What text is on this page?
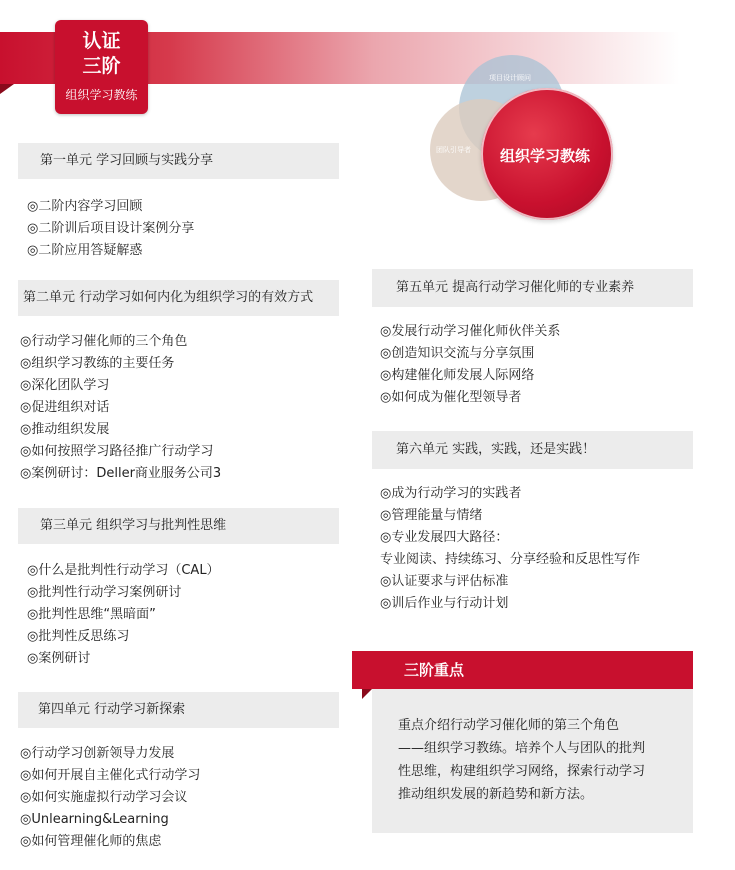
认证
三阶
组织学习教练
项目设计顾问
团队引导者 组织学习教练
第一单元 学习回顾与实践分享
◎二阶内容学习回顾
◎二阶训后项目设计案例分享
◎二阶应用答疑解惑
第二单元 行动学习如何内化为组织学习的有效方式
◎行动学习催化师的三个角色
◎组织学习教练的主要任务
◎深化团队学习
◎促进组织对话
◎推动组织发展
◎如何按照学习路径推广行动学习
◎案例研讨：Deller商业服务公司3
第三单元 组织学习与批判性思维
◎什么是批判性行动学习（CAL）
◎批判性行动学习案例研讨
◎批判性思维“黑暗面”
◎批判性反思练习
◎案例研讨
第四单元 行动学习新探索
◎行动学习创新领导力发展
◎如何开展自主催化式行动学习
◎如何实施虚拟行动学习会议
◎Unlearning&Learning
◎如何管理催化师的焦虑
第五单元 提高行动学习催化师的专业素养
◎发展行动学习催化师伙伴关系
◎创造知识交流与分享氛围
◎构建催化师发展人际网络
◎如何成为催化型领导者
第六单元 实践，实践，还是实践！
◎成为行动学习的实践者
◎管理能量与情绪
◎专业发展四大路径：
专业阅读、持续练习、分享经验和反思性写作
◎认证要求与评估标准
◎训后作业与行动计划
三阶重点
重点介绍行动学习催化师的第三个角色
——组织学习教练。培养个人与团队的批判
性思维，构建组织学习网络，探索行动学习
推动组织发展的新趋势和新方法。
